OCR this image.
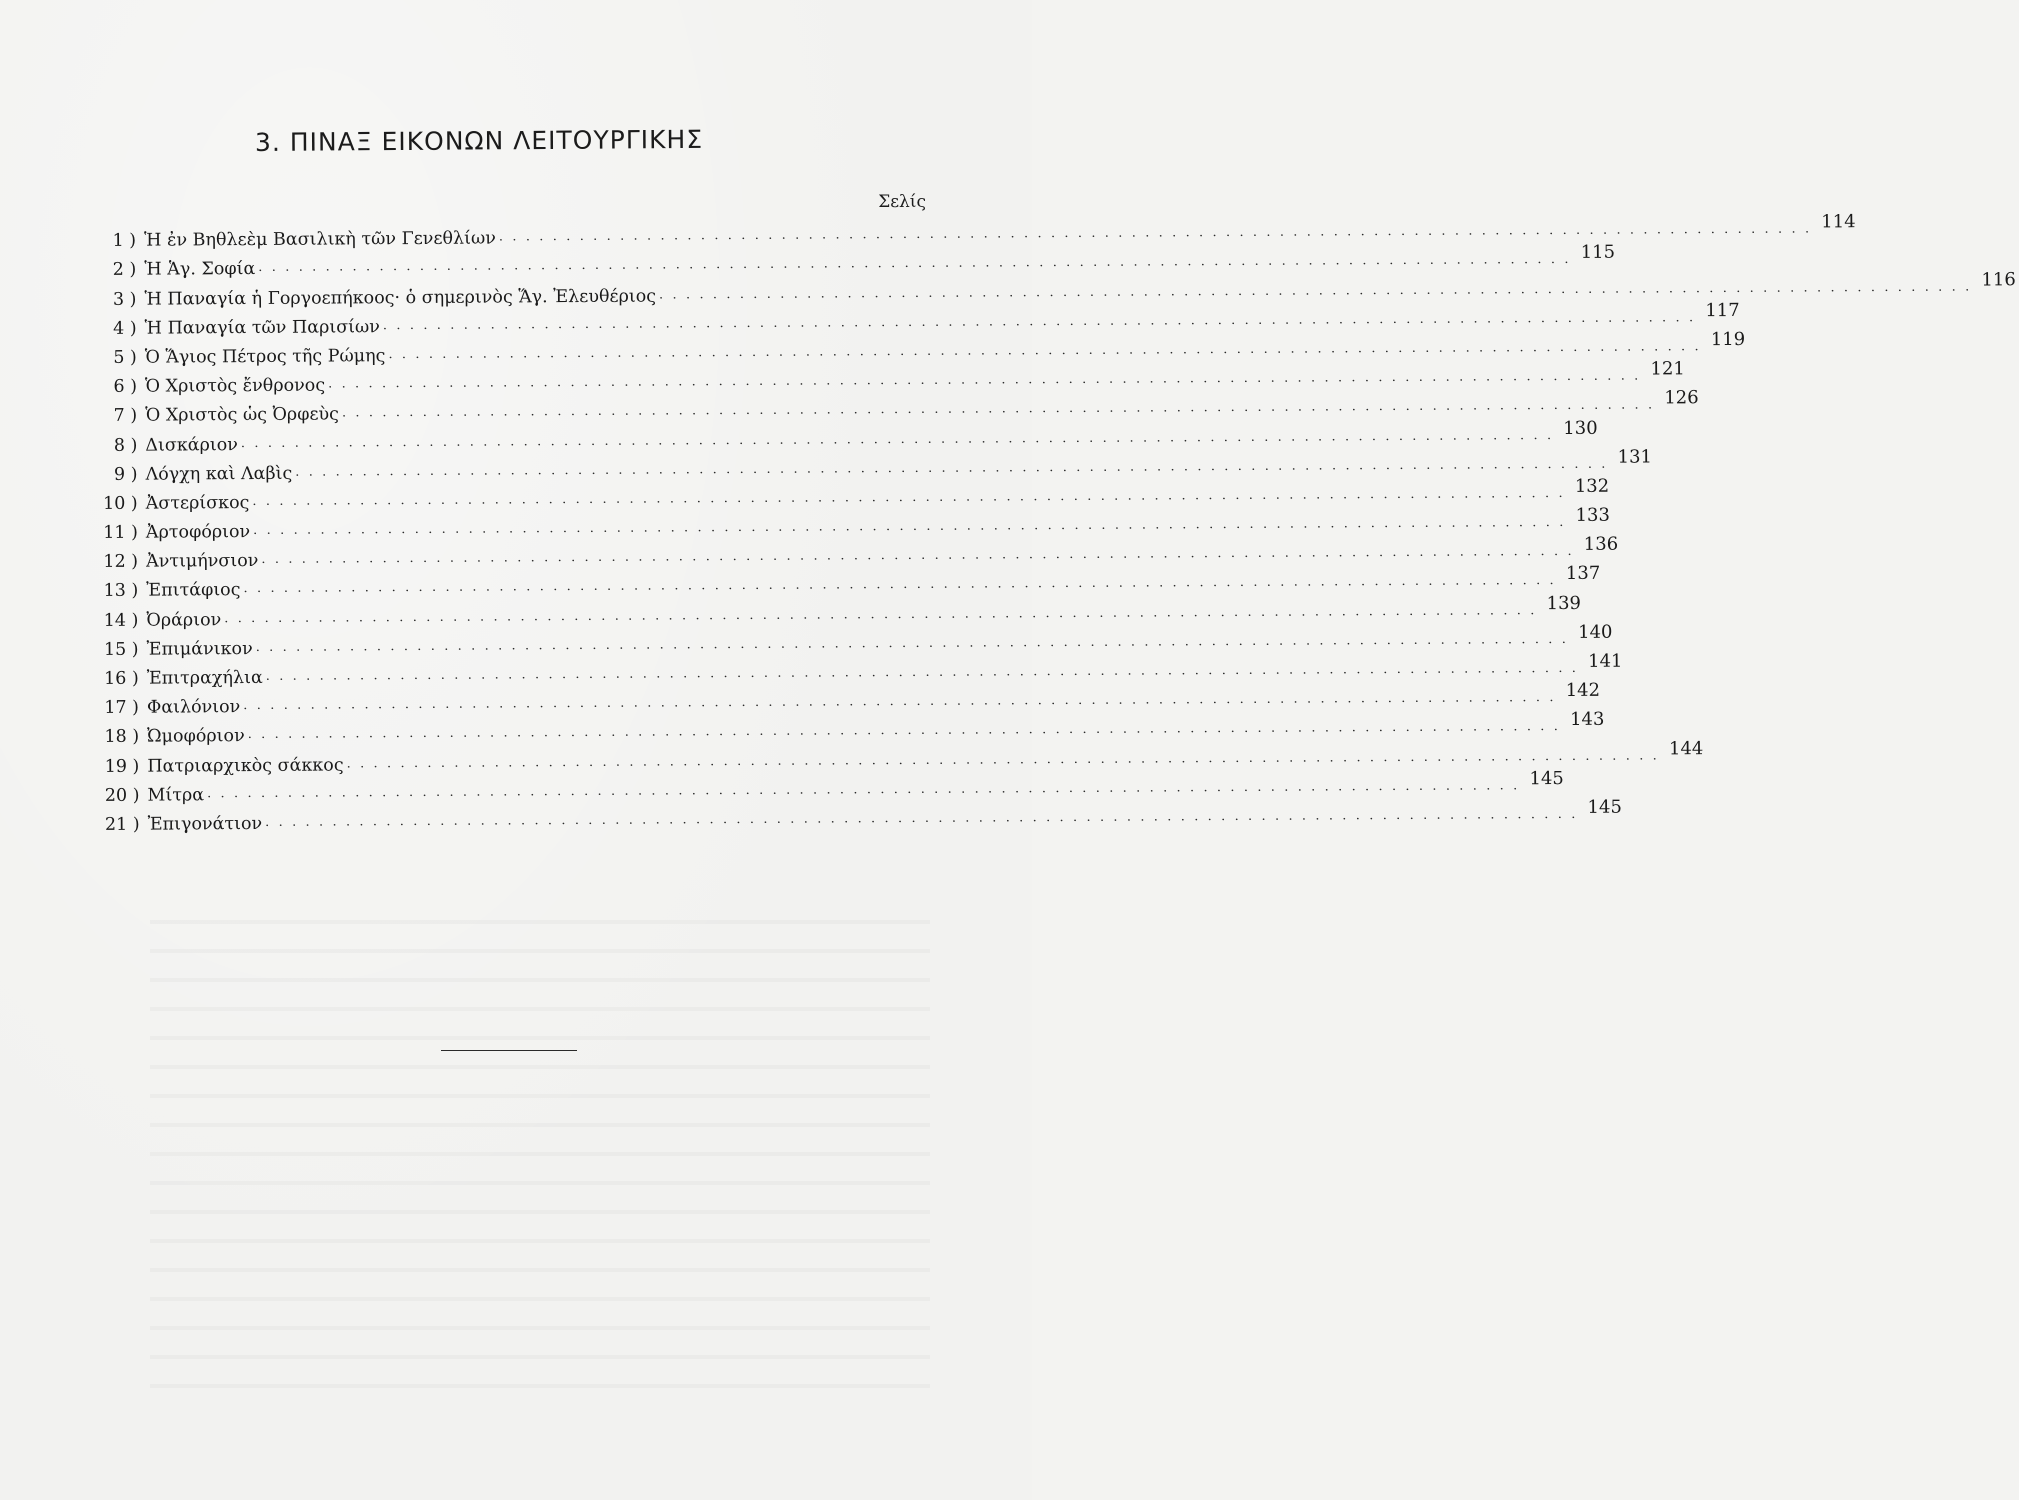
3. ΠΙΝΑΞ ΕΙΚΟΝΩΝ ΛΕΙΤΟΥΡΓΙΚΗΣ
Σελίς
1 ) Ἡ ἐν Βηθλεὲμ Βασιλικὴ τῶν Γενεθλίων . . . . . . . . . . . . . . . . . . . . . . . . . . . . . . . . . . . . . . . . . . . . . . . . . . . . . . . . . . . . . . . . . . . . . . . . . . . . . . . . . . . . . . . . . . . . . . . . . . 114
2 ) Ἡ Ἁγ. Σοφία . . . . . . . . . . . . . . . . . . . . . . . . . . . . . . . . . . . . . . . . . . . . . . . . . . . . . . . . . . . . . . . . . . . . . . . . . . . . . . . . . . . . . . . . . . . . . . . . . . 115
3 ) Ἡ Παναγία ἡ Γοργοεπήκοος· ὁ σημερινὸς Ἅγ. Ἐλευθέριος . . . . . . . . . . . . . . . . . . . . . . . . . . . . . . . . . . . . . . . . . . . . . . . . . . . . . . . . . . . . . . . . . . . . . . . . . . . . . . . . . . . . . . . . . . . . . . . . . . 116
4 ) Ἡ Παναγία τῶν Παρισίων . . . . . . . . . . . . . . . . . . . . . . . . . . . . . . . . . . . . . . . . . . . . . . . . . . . . . . . . . . . . . . . . . . . . . . . . . . . . . . . . . . . . . . . . . . . . . . . . . . 117
5 ) Ὁ Ἅγιος Πέτρος τῆς Ρώμης . . . . . . . . . . . . . . . . . . . . . . . . . . . . . . . . . . . . . . . . . . . . . . . . . . . . . . . . . . . . . . . . . . . . . . . . . . . . . . . . . . . . . . . . . . . . . . . . . . 119
6 ) Ὁ Χριστὸς ἔνθρονος . . . . . . . . . . . . . . . . . . . . . . . . . . . . . . . . . . . . . . . . . . . . . . . . . . . . . . . . . . . . . . . . . . . . . . . . . . . . . . . . . . . . . . . . . . . . . . . . . . 121
7 ) Ὁ Χριστὸς ὡς Ὀρφεὺς . . . . . . . . . . . . . . . . . . . . . . . . . . . . . . . . . . . . . . . . . . . . . . . . . . . . . . . . . . . . . . . . . . . . . . . . . . . . . . . . . . . . . . . . . . . . . . . . . . 126
8 ) Δισκάριον . . . . . . . . . . . . . . . . . . . . . . . . . . . . . . . . . . . . . . . . . . . . . . . . . . . . . . . . . . . . . . . . . . . . . . . . . . . . . . . . . . . . . . . . . . . . . . . . . . 130
9 ) Λόγχη καὶ Λαβὶς . . . . . . . . . . . . . . . . . . . . . . . . . . . . . . . . . . . . . . . . . . . . . . . . . . . . . . . . . . . . . . . . . . . . . . . . . . . . . . . . . . . . . . . . . . . . . . . . . . 131
10 ) Ἀστερίσκος . . . . . . . . . . . . . . . . . . . . . . . . . . . . . . . . . . . . . . . . . . . . . . . . . . . . . . . . . . . . . . . . . . . . . . . . . . . . . . . . . . . . . . . . . . . . . . . . . . 132
11 ) Ἀρτοφόριον . . . . . . . . . . . . . . . . . . . . . . . . . . . . . . . . . . . . . . . . . . . . . . . . . . . . . . . . . . . . . . . . . . . . . . . . . . . . . . . . . . . . . . . . . . . . . . . . . . 133
12 ) Ἀντιμήνσιον . . . . . . . . . . . . . . . . . . . . . . . . . . . . . . . . . . . . . . . . . . . . . . . . . . . . . . . . . . . . . . . . . . . . . . . . . . . . . . . . . . . . . . . . . . . . . . . . . . 136
13 ) Ἐπιτάφιος . . . . . . . . . . . . . . . . . . . . . . . . . . . . . . . . . . . . . . . . . . . . . . . . . . . . . . . . . . . . . . . . . . . . . . . . . . . . . . . . . . . . . . . . . . . . . . . . . . 137
14 ) Ὀράριον . . . . . . . . . . . . . . . . . . . . . . . . . . . . . . . . . . . . . . . . . . . . . . . . . . . . . . . . . . . . . . . . . . . . . . . . . . . . . . . . . . . . . . . . . . . . . . . . . . 139
15 ) Ἐπιμάνικον . . . . . . . . . . . . . . . . . . . . . . . . . . . . . . . . . . . . . . . . . . . . . . . . . . . . . . . . . . . . . . . . . . . . . . . . . . . . . . . . . . . . . . . . . . . . . . . . . . 140
16 ) Ἐπιτραχήλια . . . . . . . . . . . . . . . . . . . . . . . . . . . . . . . . . . . . . . . . . . . . . . . . . . . . . . . . . . . . . . . . . . . . . . . . . . . . . . . . . . . . . . . . . . . . . . . . . . 141
17 ) Φαιλόνιον . . . . . . . . . . . . . . . . . . . . . . . . . . . . . . . . . . . . . . . . . . . . . . . . . . . . . . . . . . . . . . . . . . . . . . . . . . . . . . . . . . . . . . . . . . . . . . . . . . 142
18 ) Ὠμοφόριον . . . . . . . . . . . . . . . . . . . . . . . . . . . . . . . . . . . . . . . . . . . . . . . . . . . . . . . . . . . . . . . . . . . . . . . . . . . . . . . . . . . . . . . . . . . . . . . . . . 143
19 ) Πατριαρχικὸς σάκκος . . . . . . . . . . . . . . . . . . . . . . . . . . . . . . . . . . . . . . . . . . . . . . . . . . . . . . . . . . . . . . . . . . . . . . . . . . . . . . . . . . . . . . . . . . . . . . . . . . 144
20 ) Μίτρα . . . . . . . . . . . . . . . . . . . . . . . . . . . . . . . . . . . . . . . . . . . . . . . . . . . . . . . . . . . . . . . . . . . . . . . . . . . . . . . . . . . . . . . . . . . . . . . . . . 145
21 ) Ἐπιγονάτιον . . . . . . . . . . . . . . . . . . . . . . . . . . . . . . . . . . . . . . . . . . . . . . . . . . . . . . . . . . . . . . . . . . . . . . . . . . . . . . . . . . . . . . . . . . . . . . . . . . 145
